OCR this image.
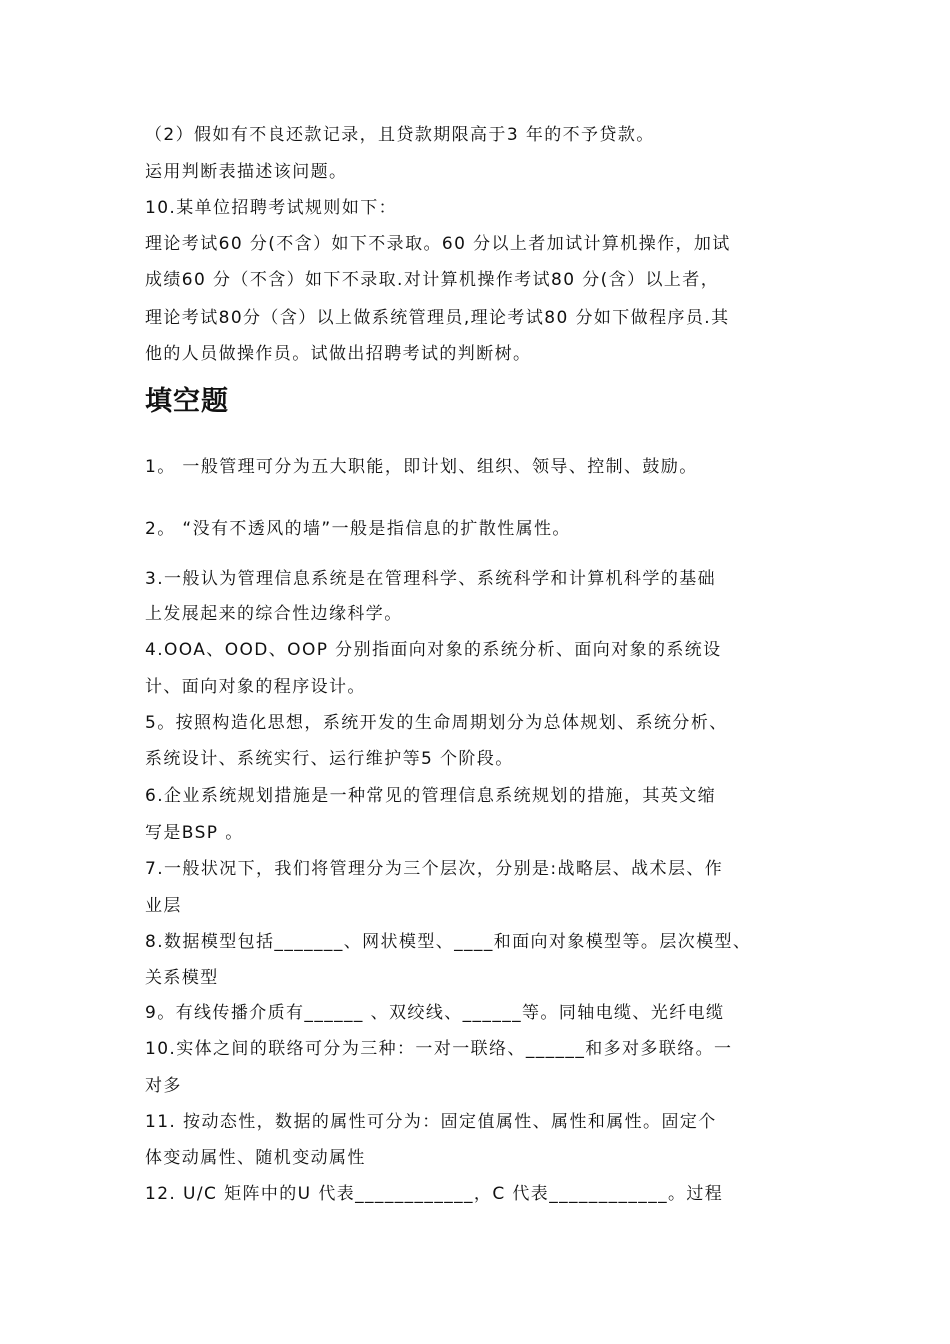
（2）假如有不良还款记录，且贷款期限高于3 年的不予贷款。
运用判断表描述该问题。
10.某单位招聘考试规则如下：
理论考试60 分(不含）如下不录取。60 分以上者加试计算机操作，加试
成绩60 分（不含）如下不录取.对计算机操作考试80 分(含）以上者，
理论考试80分（含）以上做系统管理员,理论考试80 分如下做程序员.其
他的人员做操作员。试做出招聘考试的判断树。
填空题
1。 一般管理可分为五大职能，即计划、组织、领导、控制、鼓励。
2。 “没有不透风的墙”一般是指信息的扩散性属性。
3.一般认为管理信息系统是在管理科学、系统科学和计算机科学的基础
上发展起来的综合性边缘科学。
4.OOA、OOD、OOP 分别指面向对象的系统分析、面向对象的系统设
计、面向对象的程序设计。
5。按照构造化思想，系统开发的生命周期划分为总体规划、系统分析、
系统设计、系统实行、运行维护等5 个阶段。
6.企业系统规划措施是一种常见的管理信息系统规划的措施，其英文缩
写是BSP 。
7.一般状况下，我们将管理分为三个层次，分别是:战略层、战术层、作
业层
8.数据模型包括_______、网状模型、____和面向对象模型等。层次模型、
关系模型
9。有线传播介质有______ 、双绞线、______等。同轴电缆、光纤电缆
10.实体之间的联络可分为三种：一对一联络、______和多对多联络。一
对多
11. 按动态性，数据的属性可分为：固定值属性、属性和属性。固定个
体变动属性、随机变动属性
12. U/C 矩阵中的U 代表____________，C 代表____________。过程
